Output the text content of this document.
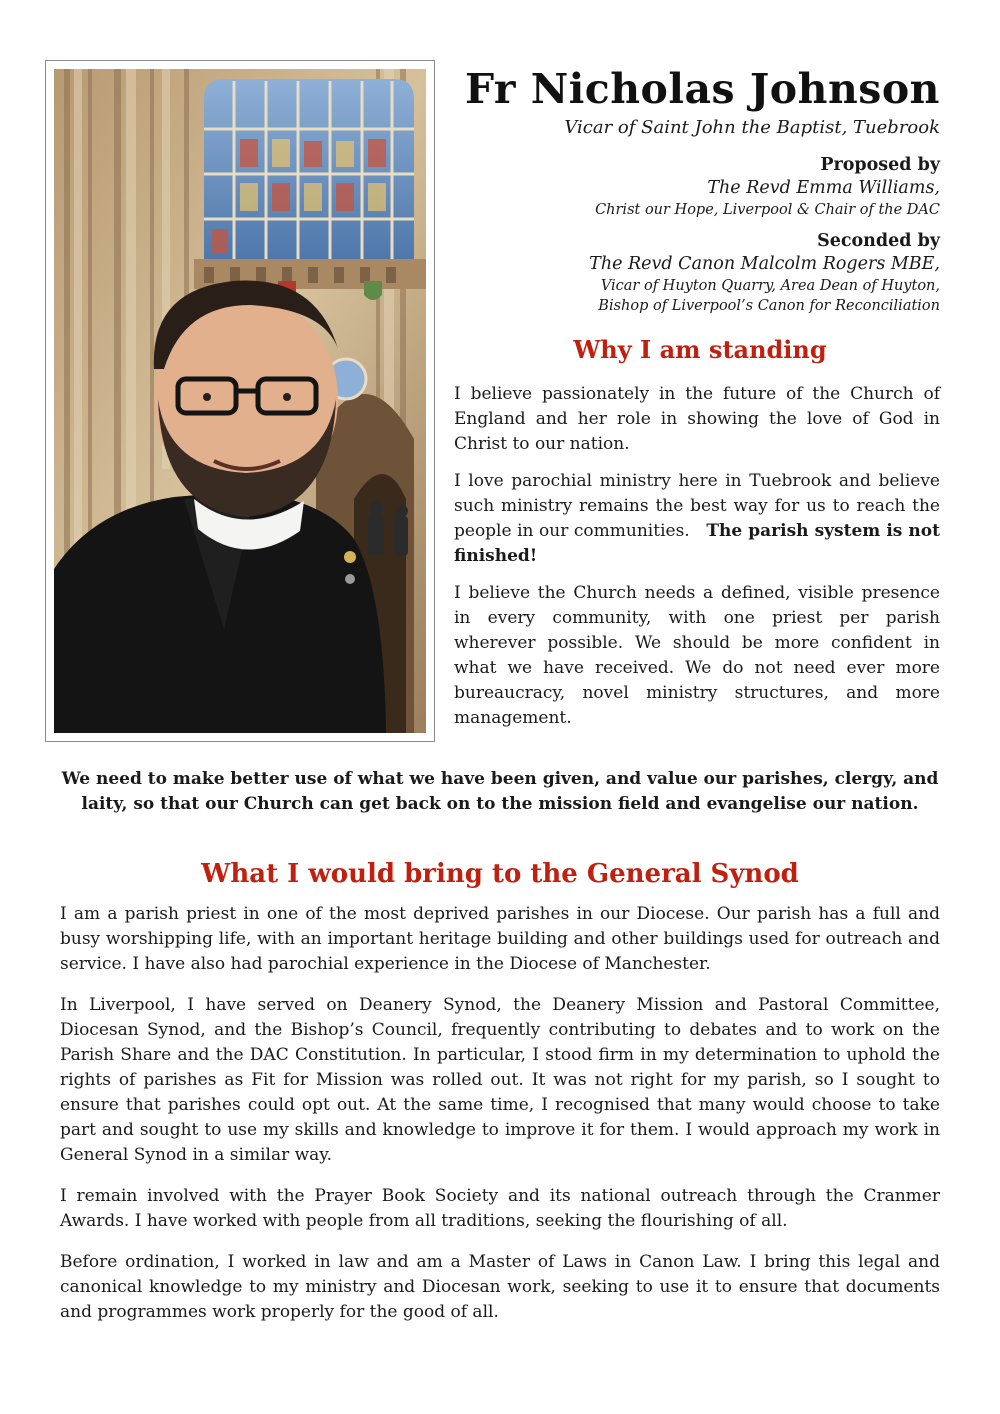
Fr Nicholas Johnson
Vicar of Saint John the Baptist, Tuebrook
Proposed by
The Revd Emma Williams,
Christ our Hope, Liverpool & Chair of the DAC
Seconded by
The Revd Canon Malcolm Rogers MBE,
Vicar of Huyton Quarry, Area Dean of Huyton,
Bishop of Liverpool’s Canon for Reconciliation
Why I am standing

I believe passionately in the future of the Church of England and her role in showing the love of God in Christ to our nation.

I love parochial ministry here in Tuebrook and believe such ministry remains the best way for us to reach the people in our communities. The parish system is not finished!

I believe the Church needs a defined, visible presence in every community, with one priest per parish wherever possible. We should be more confident in what we have received. We do not need ever more bureaucracy, novel ministry structures, and more management.

We need to make better use of what we have been given, and value our parishes, clergy, and laity, so that our Church can get back on to the mission field and evangelise our nation.
What I would bring to the General Synod

I am a parish priest in one of the most deprived parishes in our Diocese. Our parish has a full and busy worshipping life, with an important heritage building and other buildings used for outreach and service. I have also had parochial experience in the Diocese of Manchester.

In Liverpool, I have served on Deanery Synod, the Deanery Mission and Pastoral Committee, Diocesan Synod, and the Bishop’s Council, frequently contributing to debates and to work on the Parish Share and the DAC Constitution. In particular, I stood firm in my determination to uphold the rights of parishes as Fit for Mission was rolled out. It was not right for my parish, so I sought to ensure that parishes could opt out. At the same time, I recognised that many would choose to take part and sought to use my skills and knowledge to improve it for them. I would approach my work in General Synod in a similar way.

I remain involved with the Prayer Book Society and its national outreach through the Cranmer Awards. I have worked with people from all traditions, seeking the flourishing of all.

Before ordination, I worked in law and am a Master of Laws in Canon Law. I bring this legal and canonical knowledge to my ministry and Diocesan work, seeking to use it to ensure that documents and programmes work properly for the good of all.
